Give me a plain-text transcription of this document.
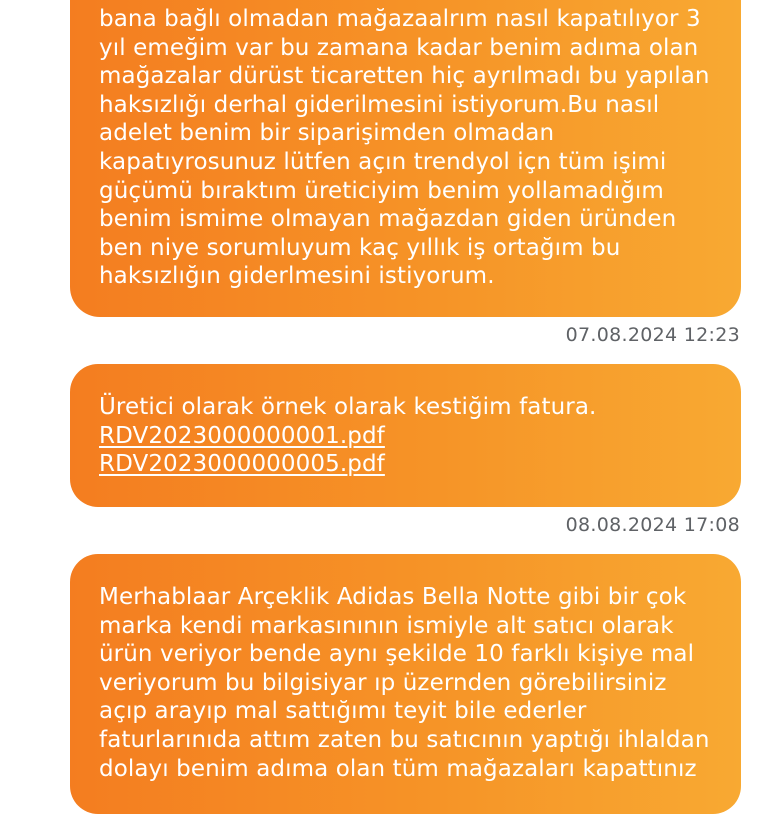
bana bağlı olmadan mağazaalrım nasıl kapatılıyor 3
yıl emeğim var bu zamana kadar benim adıma olan
mağazalar dürüst ticaretten hiç ayrılmadı bu yapılan
haksızlığı derhal giderilmesini istiyorum.Bu nasıl
adelet benim bir siparişimden olmadan
kapatıyrosunuz lütfen açın trendyol içn tüm işimi
güçümü bıraktım üreticiyim benim yollamadığım
benim ismime olmayan mağazdan giden üründen
ben niye sorumluyum kaç yıllık iş ortağım bu
haksızlığın giderlmesini istiyorum.

07.08.2024 12:23

Üretici olarak örnek olarak kestiğim fatura.

RDV2023000000001.pdf
RDV2023000000005.pdf
08.08.2024 17:08

Merhablaar Arçeklik Adidas Bella Notte gibi bir çok
marka kendi markasınının ismiyle alt satıcı olarak
ürün veriyor bende aynı şekilde 10 farklı kişiye mal
veriyorum bu bilgisiyar ıp üzernden görebilirsiniz
açıp arayıp mal sattığımı teyit bile ederler
faturlarınıda attım zaten bu satıcının yaptığı ihlaldan
dolayı benim adıma olan tüm mağazaları kapattınız
